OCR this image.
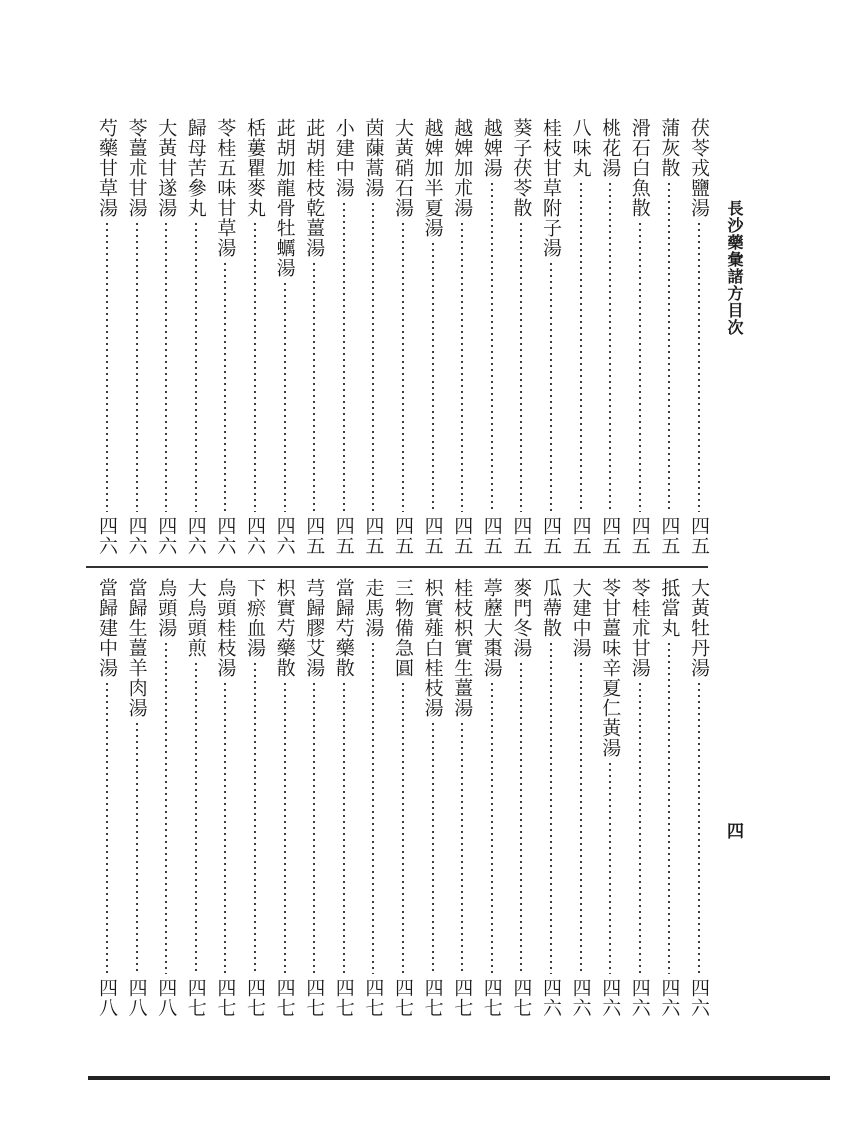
長沙藥彙諸方目次
四
茯苓戎鹽湯
四五
蒲灰散
四五
滑石白魚散
四五
桃花湯
四五
八味丸
四五
桂枝甘草附子湯
四五
葵子茯苓散
四五
越婢湯
四五
越婢加朮湯
四五
越婢加半夏湯
四五
大黃硝石湯
四五
茵蔯蒿湯
四五
小建中湯
四五
茈胡桂枝乾薑湯
四五
茈胡加龍骨牡蠣湯
四六
栝蔞瞿麥丸
四六
苓桂五味甘草湯
四六
歸母苦參丸
四六
大黃甘遂湯
四六
苓薑朮甘湯
四六
芍藥甘草湯
四六
大黃牡丹湯
四六
抵當丸
四六
苓桂朮甘湯
四六
苓甘薑味辛夏仁黃湯
四六
大建中湯
四六
瓜蔕散
四六
麥門冬湯
四七
葶藶大棗湯
四七
桂枝枳實生薑湯
四七
枳實薤白桂枝湯
四七
三物備急圓
四七
走馬湯
四七
當歸芍藥散
四七
芎歸膠艾湯
四七
枳實芍藥散
四七
下瘀血湯
四七
烏頭桂枝湯
四七
大烏頭煎
四七
烏頭湯
四八
當歸生薑羊肉湯
四八
當歸建中湯
四八
